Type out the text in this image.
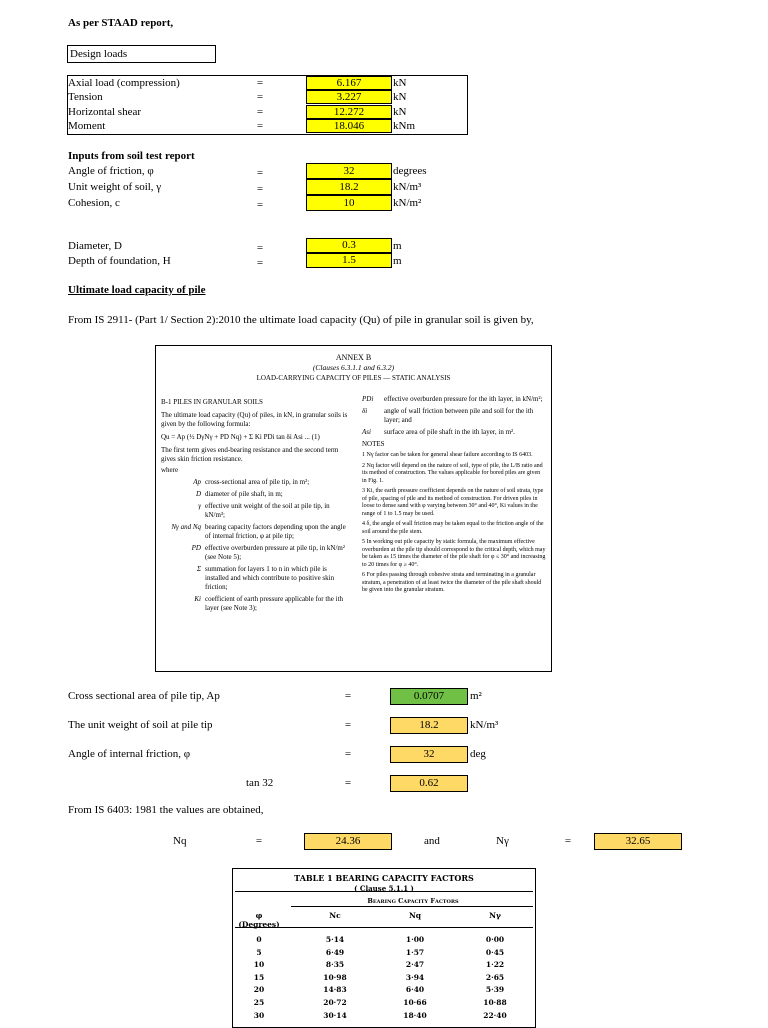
As per STAAD report,
Design loads
Axial load (compression)	=	6.167	kN
Tension	=	3.227	kN
Horizontal shear	=	12.272	kN
Moment	=	18.046	kNm
Inputs from soil test report
Angle of friction, φ	=	32	degrees
Unit weight of soil, γ	=	18.2	kN/m³
Cohesion, c	=	10	kN/m²
Diameter, D	=	0.3	m
Depth of foundation, H	=	1.5	m
Ultimate load capacity of pile
From IS 2911- (Part 1/ Section 2):2010 the ultimate load capacity (Qu) of pile in granular soil is given by,
ANNEX B
(Clauses 6.3.1.1 and 6.3.2)
LOAD-CARRYING CAPACITY OF PILES — STATIC ANALYSIS
B-1 PILES IN GRANULAR SOILS
The ultimate load capacity (Qu) of piles, in kN, in granular soils is given by the following formula:
Qu = Ap (½ DγNγ + PD Nq) + Σ Ki PDi tan δi Asi ... (1)
The first term gives end-bearing resistance and the second term gives skin friction resistance.
where
Ap cross-sectional area of pile tip, in m²;
D diameter of pile shaft, in m;
γ effective unit weight of the soil at pile tip, in kN/m³;
Nγ and Nq bearing capacity factors depending upon the angle of internal friction, φ at pile tip;
PD effective overburden pressure at pile tip, in kN/m² (see Note 5);
Σ summation for layers 1 to n in which pile is installed and which contribute to positive skin friction;
Ki coefficient of earth pressure applicable for the ith layer (see Note 3);
PDi	effective overburden pressure for the ith layer, in kN/m²;
δi	angle of wall friction between pile and soil for the ith layer; and
Asi	surface area of pile shaft in the ith layer, in m².
NOTES
1 Nγ factor can be taken for general shear failure according to IS 6403.
2 Nq factor will depend on the nature of soil, type of pile, the L/B ratio and its method of construction. The values applicable for bored piles are given in Fig. 1.
3 Ki, the earth pressure coefficient depends on the nature of soil strata, type of pile, spacing of pile and its method of construction. For driven piles in loose to dense sand with φ varying between 30° and 40°, Ki values in the range of 1 to 1.5 may be used.
4 δ, the angle of wall friction may be taken equal to the friction angle of the soil around the pile stem.
5 In working out pile capacity by static formula, the maximum effective overburden at the pile tip should correspond to the critical depth, which may be taken as 15 times the diameter of the pile shaft for φ ≤ 30° and increasing to 20 times for φ ≥ 40°.
6 For piles passing through cohesive strata and terminating in a granular stratum, a penetration of at least twice the diameter of the pile shaft should be given into the granular stratum.
Cross sectional area of pile tip, Ap	=	0.0707	m²
The unit weight of soil at pile tip	=	18.2	kN/m³
Angle of internal friction, φ	=	32	deg
tan 32	=	0.62
From IS 6403: 1981 the values are obtained,
Nq	=	24.36	and	Nγ	=	32.65
TABLE 1 BEARING CAPACITY FACTORS
( Clause 5.1.1 )
Bearing Capacity Factors
φ (Degrees)
Nc	Nq	Nγ
0	5·14	1·00	0·00
5	6·49	1·57	0·45
10	8·35	2·47	1·22
15	10·98	3·94	2·65
20	14·83	6·40	5·39
25	20·72	10·66	10·88
30	30·14	18·40	22·40
